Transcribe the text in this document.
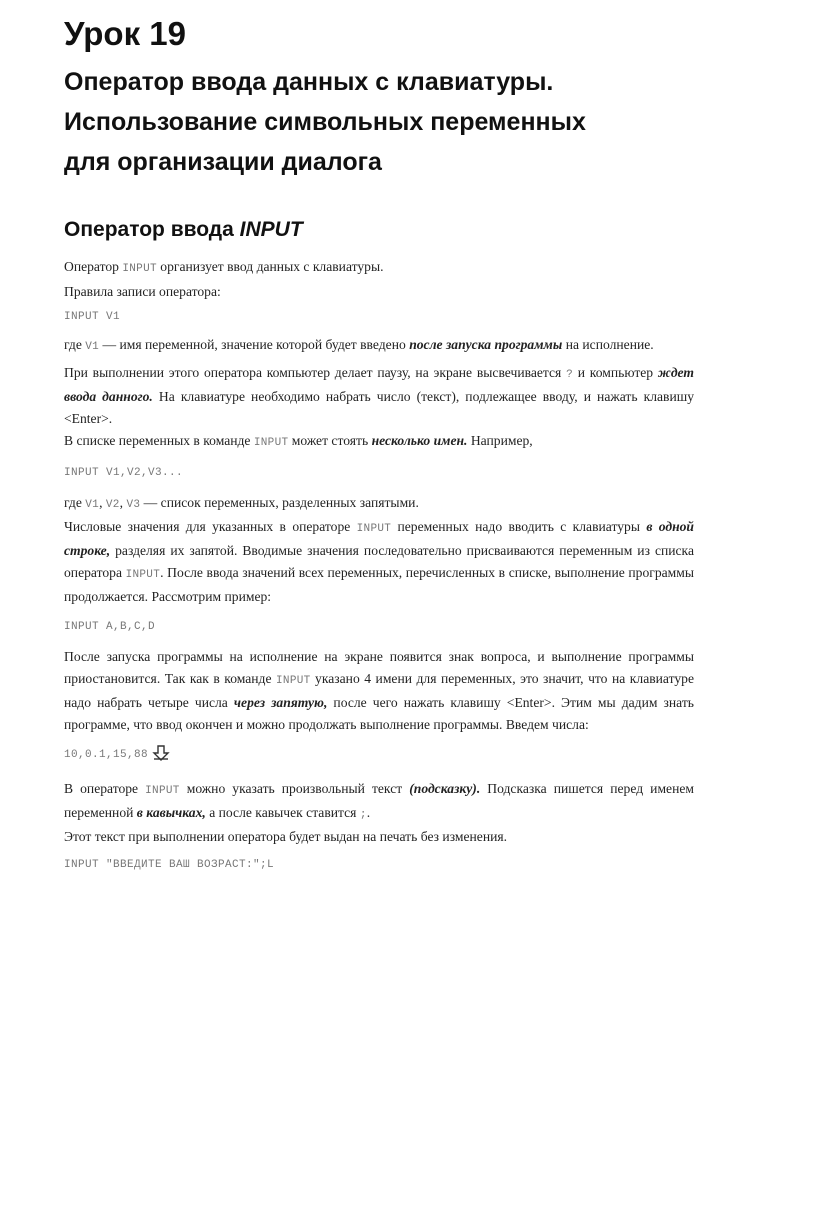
Урок 19
Оператор ввода данных с клавиатуры.
Использование символьных переменных
для организации диалога
Оператор ввода INPUT

Оператор INPUT организует ввод данных с клавиатуры.

Правила записи оператора:

INPUT V1

где V1 — имя переменной, значение которой будет введено после запуска программы на исполнение.

При выполнении этого оператора компьютер делает паузу, на экране высвечивается ? и компьютер ждет ввода данного. На клавиатуре необходимо набрать число (текст), подлежащее вводу, и нажать клавишу <Enter>.

В списке переменных в команде INPUT может стоять несколько имен. Например,

INPUT V1,V2,V3...

где V1, V2, V3 — список переменных, разделенных запятыми.

Числовые значения для указанных в операторе INPUT переменных надо вводить с клавиатуры в одной строке, разделяя их запятой. Вводимые значения последовательно присваиваются переменным из списка оператора INPUT. После ввода значений всех переменных, перечисленных в списке, выполнение программы продолжается. Рассмотрим пример:

INPUT A,B,C,D

После запуска программы на исполнение на экране появится знак вопроса, и выполнение программы приостановится. Так как в команде INPUT указано 4 имени для переменных, это значит, что на клавиатуре надо набрать четыре числа через запятую, после чего нажать клавишу <Enter>. Этим мы дадим знать программе, что ввод окончен и можно продолжать выполнение программы. Введем числа:

10,0.1,15,88

В операторе INPUT можно указать произвольный текст (подсказку). Подсказка пишется перед именем переменной в кавычках, а после кавычек ставится ;.

Этот текст при выполнении оператора будет выдан на печать без изменения.

INPUT "ВВЕДИТЕ ВАШ ВОЗРАСТ:";L
